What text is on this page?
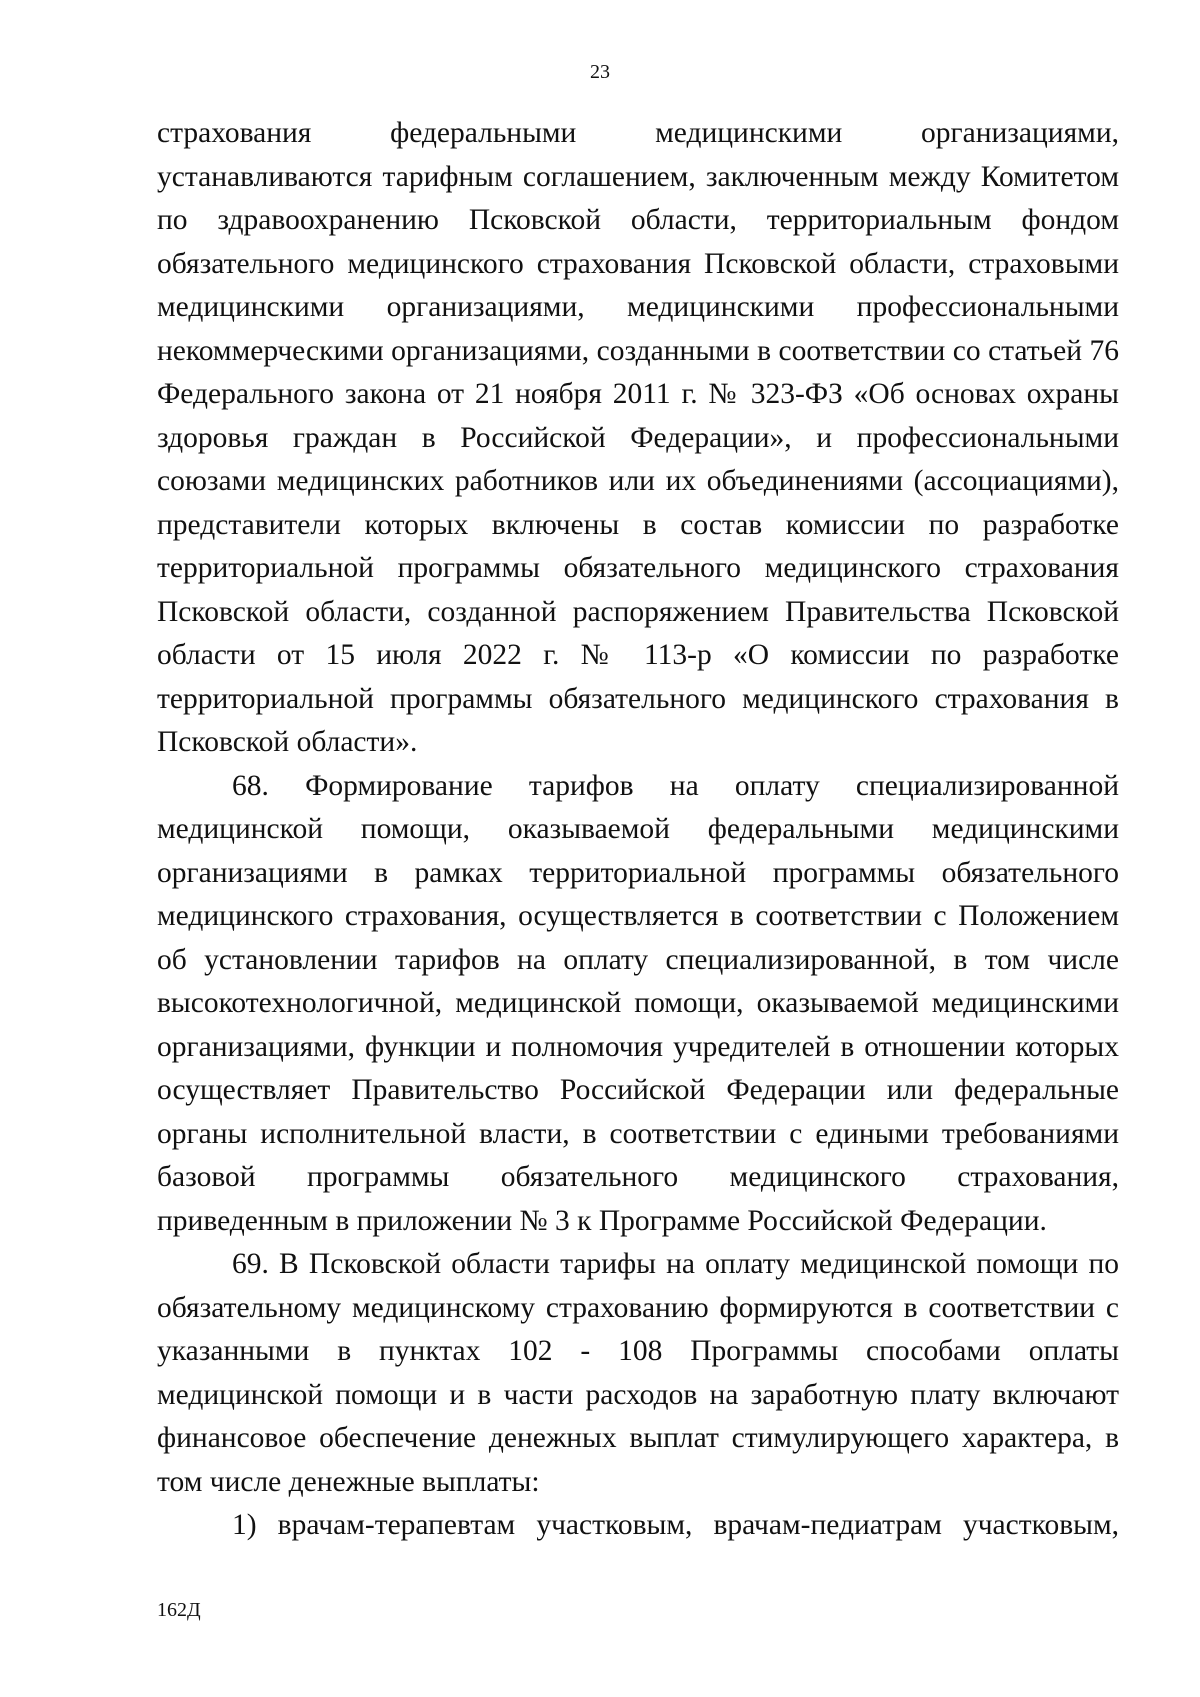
23

страхования федеральными медицинскими организациями, устанавливаются тарифным соглашением, заключенным между Комитетом по здравоохранению Псковской области, территориальным фондом обязательного медицинского страхования Псковской области, страховыми медицинскими организациями, медицинскими профессиональными некоммерческими организациями, созданными в соответствии со статьей 76 Федерального закона от 21 ноября 2011 г. № 323-ФЗ «Об основах охраны здоровья граждан в Российской Федерации», и профессиональными союзами медицинских работников или их объединениями (ассоциациями), представители которых включены в состав комиссии по разработке территориальной программы обязательного медицинского страхования Псковской области, созданной распоряжением Правительства Псковской области от 15 июля 2022 г. № 113-р «О комиссии по разработке территориальной программы обязательного медицинского страхования в Псковской области».

68. Формирование тарифов на оплату специализированной медицинской помощи, оказываемой федеральными медицинскими организациями в рамках территориальной программы обязательного медицинского страхования, осуществляется в соответствии с Положением об установлении тарифов на оплату специализированной, в том числе высокотехнологичной, медицинской помощи, оказываемой медицинскими организациями, функции и полномочия учредителей в отношении которых осуществляет Правительство Российской Федерации или федеральные органы исполнительной власти, в соответствии с едиными требованиями базовой программы обязательного медицинского страхования, приведенным в приложении № 3 к Программе Российской Федерации.

69. В Псковской области тарифы на оплату медицинской помощи по обязательному медицинскому страхованию формируются в соответствии с указанными в пунктах 102 - 108 Программы способами оплаты медицинской помощи и в части расходов на заработную плату включают финансовое обеспечение денежных выплат стимулирующего характера, в том числе денежные выплаты:

1) врачам-терапевтам участковым, врачам-педиатрам участковым,

162Д
